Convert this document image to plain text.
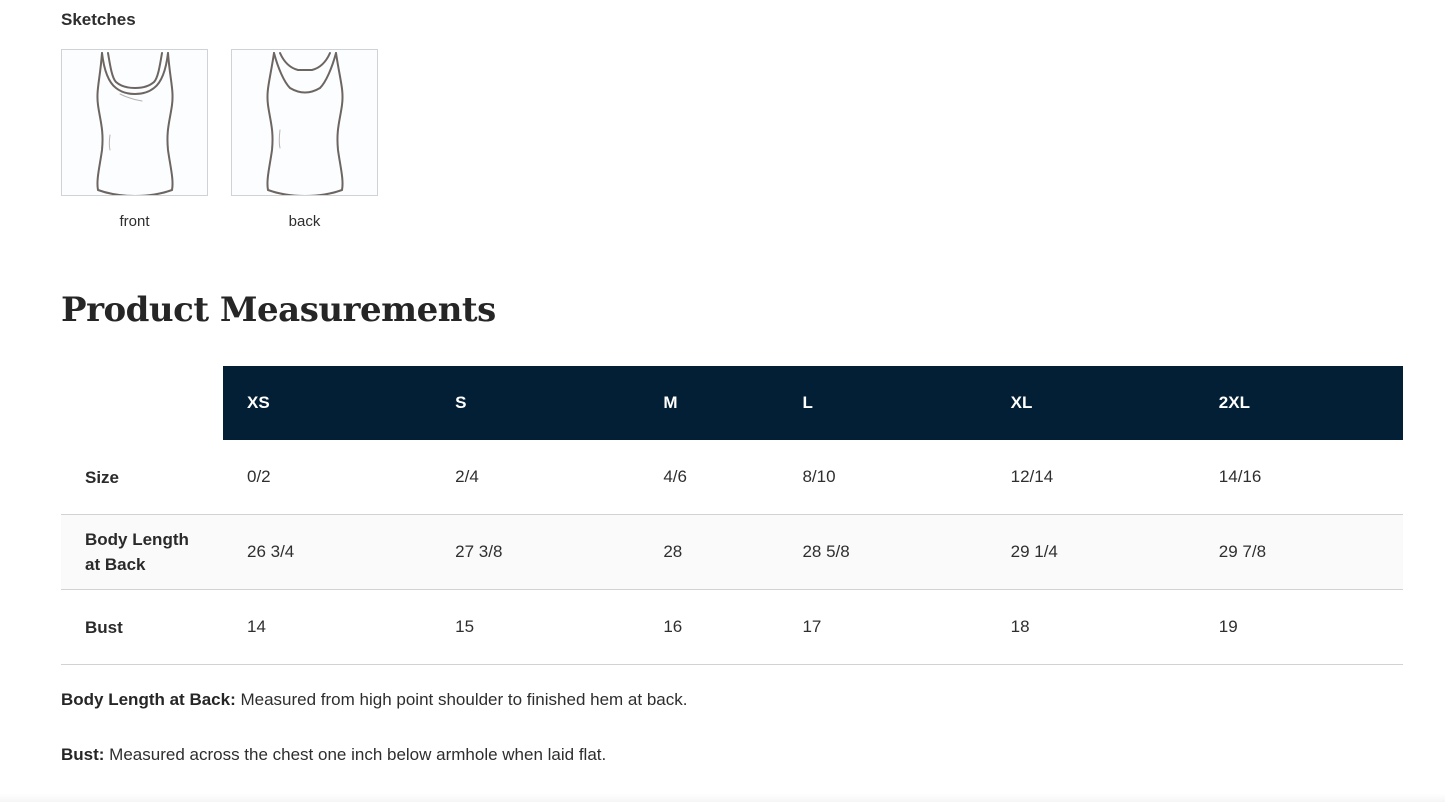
Sketches
front	back
Product Measurements
	XS	S	M	L	XL	2XL
Size	0/2	2/4	4/6	8/10	12/14	14/16
Body Length
at Back	26 3/4	27 3/8	28	28 5/8	29 1/4	29 7/8
Bust	14	15	16	17	18	19
Body Length at Back: Measured from high point shoulder to finished hem at back.
Bust: Measured across the chest one inch below armhole when laid flat.
